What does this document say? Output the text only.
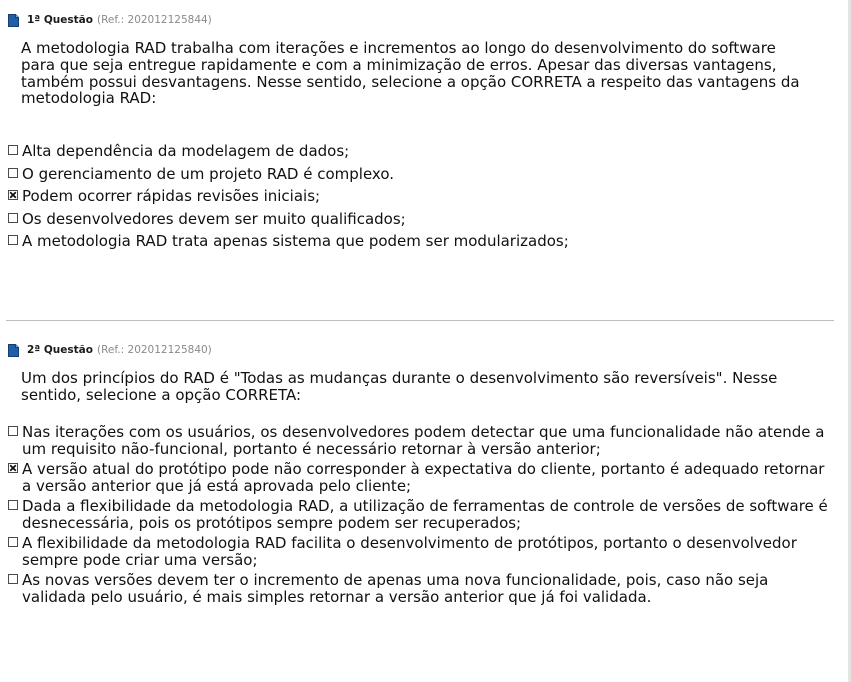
1ª Questão (Ref.: 202012125844)
A metodologia RAD trabalha com iterações e incrementos ao longo do desenvolvimento do software para que seja entregue rapidamente e com a minimização de erros. Apesar das diversas vantagens, também possui desvantagens. Nesse sentido, selecione a opção CORRETA a respeito das vantagens da metodologia RAD:
Alta dependência da modelagem de dados;
O gerenciamento de um projeto RAD é complexo.
Podem ocorrer rápidas revisões iniciais;
Os desenvolvedores devem ser muito qualificados;
A metodologia RAD trata apenas sistema que podem ser modularizados;
2ª Questão (Ref.: 202012125840)
Um dos princípios do RAD é "Todas as mudanças durante o desenvolvimento são reversíveis". Nesse sentido, selecione a opção CORRETA:
Nas iterações com os usuários, os desenvolvedores podem detectar que uma funcionalidade não atende a um requisito não-funcional, portanto é necessário retornar à versão anterior;
A versão atual do protótipo pode não corresponder à expectativa do cliente, portanto é adequado retornar a versão anterior que já está aprovada pelo cliente;
Dada a flexibilidade da metodologia RAD, a utilização de ferramentas de controle de versões de software é desnecessária, pois os protótipos sempre podem ser recuperados;
A flexibilidade da metodologia RAD facilita o desenvolvimento de protótipos, portanto o desenvolvedor sempre pode criar uma versão;
As novas versões devem ter o incremento de apenas uma nova funcionalidade, pois, caso não seja validada pelo usuário, é mais simples retornar a versão anterior que já foi validada.
